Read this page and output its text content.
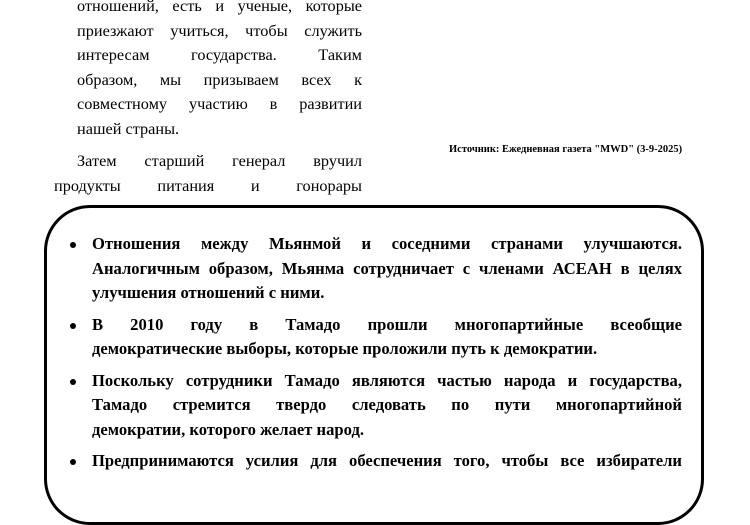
отношений, есть и ученые, которые
приезжают учиться, чтобы служить
интересам государства. Таким
образом, мы призываем всех к
совместному участию в развитии
нашей страны.

Затем старший генерал вручил
продукты питания и гонорары

Источник: Ежедневная газета "MWD" (3-9-2025)
Отношения между Мьянмой и соседними странами улучшаются.
Аналогичным образом, Мьянма сотрудничает с членами АСЕАН в целях
улучшения отношений с ними.
В 2010 году в Тамадо прошли многопартийные всеобщие
демократические выборы, которые проложили путь к демократии.
Поскольку сотрудники Тамадо являются частью народа и государства,
Тамадо стремится твердо следовать по пути многопартийной
демократии, которого желает народ.
Предпринимаются усилия для обеспечения того, чтобы все избиратели
